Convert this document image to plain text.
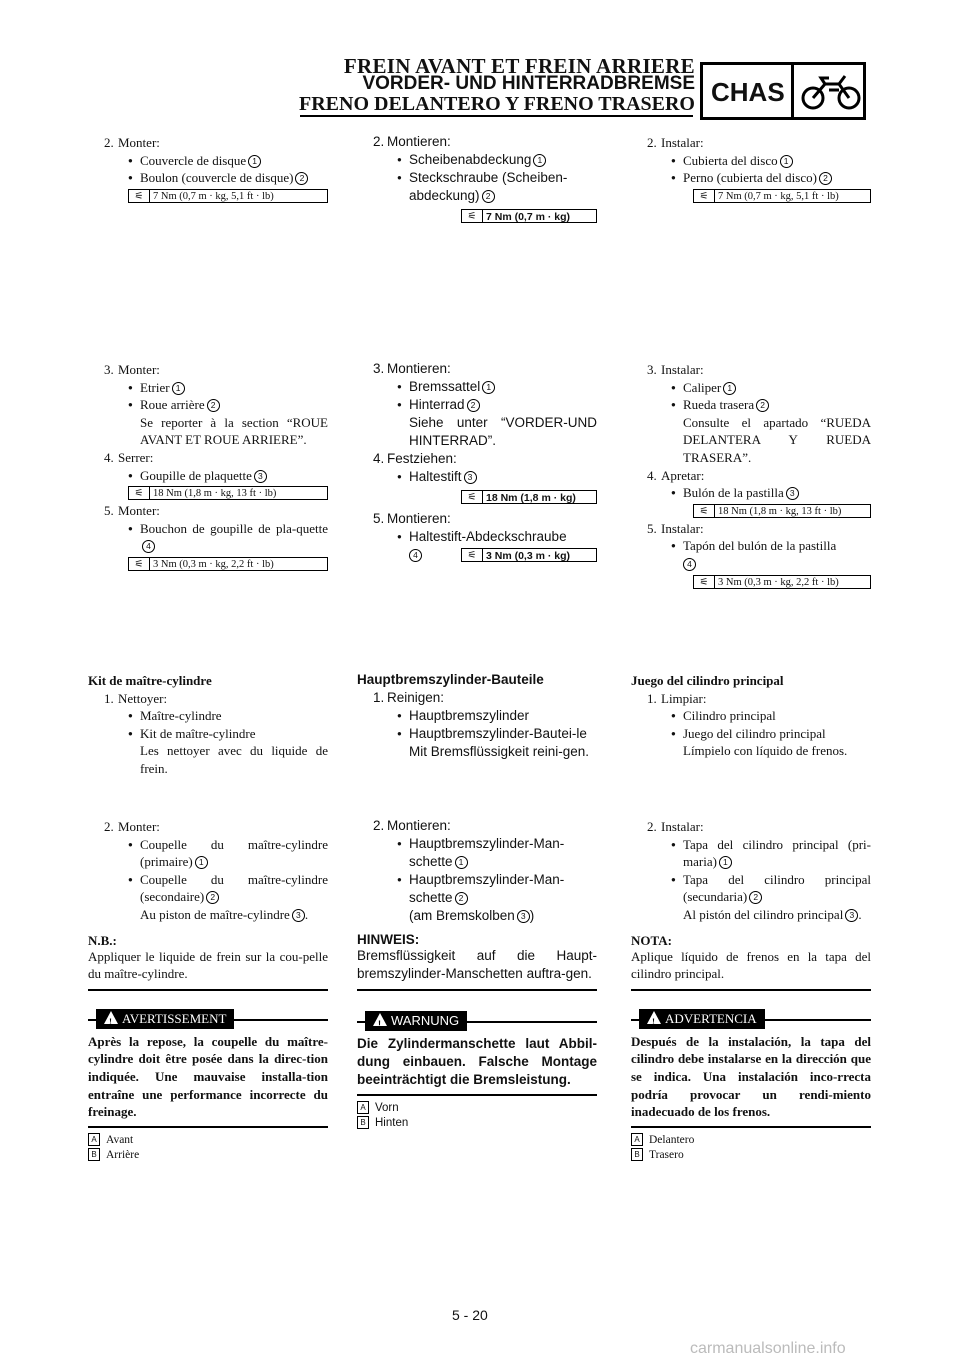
FREIN AVANT ET FREIN ARRIERE
VORDER- UND HINTERRADBREMSE
FRENO DELANTERO Y FRENO TRASERO CHAS
2. Monter:
● Couvercle de disque 1
● Boulon (couvercle de disque) 2
⚟ 7 Nm (0,7 m · kg, 5,1 ft · lb)
3. Monter:
● Etrier 1
● Roue arrière 2
Se reporter à la section “ROUE AVANT ET ROUE ARRIERE”.
4. Serrer:
● Goupille de plaquette 3
⚟ 18 Nm (1,8 m · kg, 13 ft · lb)
5. Monter:
● Bouchon de goupille de pla-quette4
⚟ 3 Nm (0,3 m · kg, 2,2 ft · lb)
Kit de maître-cylindre
1. Nettoyer:
● Maître-cylindre
● Kit de maître-cylindre
Les nettoyer avec du liquide de frein.
2. Monter:
● Coupelle du maître-cylindre (primaire) 1
● Coupelle du maître-cylindre (secondaire) 2
Au piston de maître-cylindre 3 .
N.B.:
Appliquer le liquide de frein sur la cou-pelle du maître-cylindre.
!
AVERTISSEMENT
Après la repose, la coupelle du maître-cylindre doit être posée dans la direc-tion indiquée. Une mauvaise installa-tion entraîne une performance incorrecte du freinage.
A Avant
B Arrière
2. Montieren:
● Scheibenabdeckung 1
● Steckschraube (Scheiben-abdeckung) 2
⚟ 7 Nm (0,7 m · kg)
3. Montieren:
● Bremssattel 1
● Hinterrad 2
Siehe unter “VORDER-UND HINTERRAD”.
4. Festziehen:
● Haltestift 3
⚟ 18 Nm (1,8 m · kg)
5. Montieren:
● Haltestift-Abdeckschraube
4	⚟ 3 Nm (0,3 m · kg)
Hauptbremszylinder-Bauteile
1. Reinigen:
● Hauptbremszylinder
● Hauptbremszylinder-Bautei-le
Mit Bremsflüssigkeit reini-gen.
2. Montieren:
● Hauptbremszylinder-Man-schette 1
● Hauptbremszylinder-Man-schette 2
(am Bremskolben 3 )
HINWEIS:
Bremsflüssigkeit auf die Haupt-bremszylinder-Manschetten auftra-gen.
!
WARNUNG
Die Zylindermanschette laut Abbil-dung einbauen. Falsche Montage beeinträchtigt die Bremsleistung.
A Vorn
B Hinten
2. Instalar:
● Cubierta del disco 1
● Perno (cubierta del disco) 2
⚟ 7 Nm (0,7 m · kg, 5,1 ft · lb)
3. Instalar:
● Caliper 1
● Rueda trasera 2
Consulte el apartado “RUEDA DELANTERA Y RUEDA TRASERA”.
4. Apretar:
● Bulón de la pastilla 3
⚟ 18 Nm (1,8 m · kg, 13 ft · lb)
5. Instalar:
● Tapón del bulón de la pastilla
4
⚟ 3 Nm (0,3 m · kg, 2,2 ft · lb)
Juego del cilindro principal
1. Limpiar:
● Cilindro principal
● Juego del cilindro principal
Límpielo con líquido de frenos.
2. Instalar:
● Tapa del cilindro principal (pri-maria) 1
● Tapa del cilindro principal (secundaria) 2
Al pistón del cilindro principal 3 .
NOTA:
Aplique líquido de frenos en la tapa del cilindro principal.
!
ADVERTENCIA
Después de la instalación, la tapa del cilindro debe instalarse en la dirección que se indica. Una instalación inco-rrecta podría provocar un rendi-miento inadecuado de los frenos.
A Delantero
B Trasero
5 - 20
carmanualsonline.info
